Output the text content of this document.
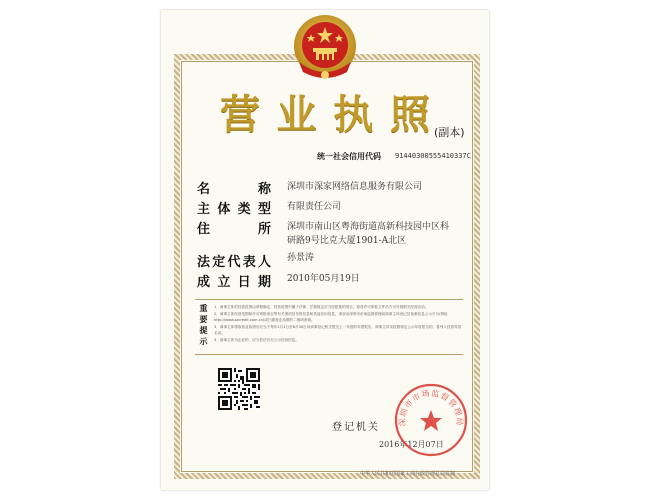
营 业 执 照 (副本)
统一社会信用代码 91440300555410337C
名	称 深圳市深家网络信息服务有限公司
主 体 类 型 有限责任公司
住	所 深圳市南山区粤海街道高新科技园中区科研路9号比克大厦1901-A北区
法 定 代 表 人 孙景涛
成 立 日 期 2010年05月19日
重
要
提
示
1．商事主体的经营范围由章程确定，经营范围中属于法律、法规规定应当经批准的项目，取得许可审批文件后方可开展相关经营活动。
2．商事主体经营范围和许可审批项目等有关事项及年报信息和其他信用信息，请登录深圳市市场监督管理局商事主体登记及备案信息公示平台(网址http://www.szcredit.com.cn)或扫描营业执照的二维码查询。
3．商事主体领取营业执照后应当于每年1月1日至6月30日向商事登记机关提交上一年度的年度报告，商事主体未按照规定公示年度报告的，将列入经营异常名录。
4．商事主体为企业的，应当依法自行公示经营信息。
登记机关
2016年12月07日
深圳市市场监督管理局
中华人民共和国国家工商行政管理总局监制
